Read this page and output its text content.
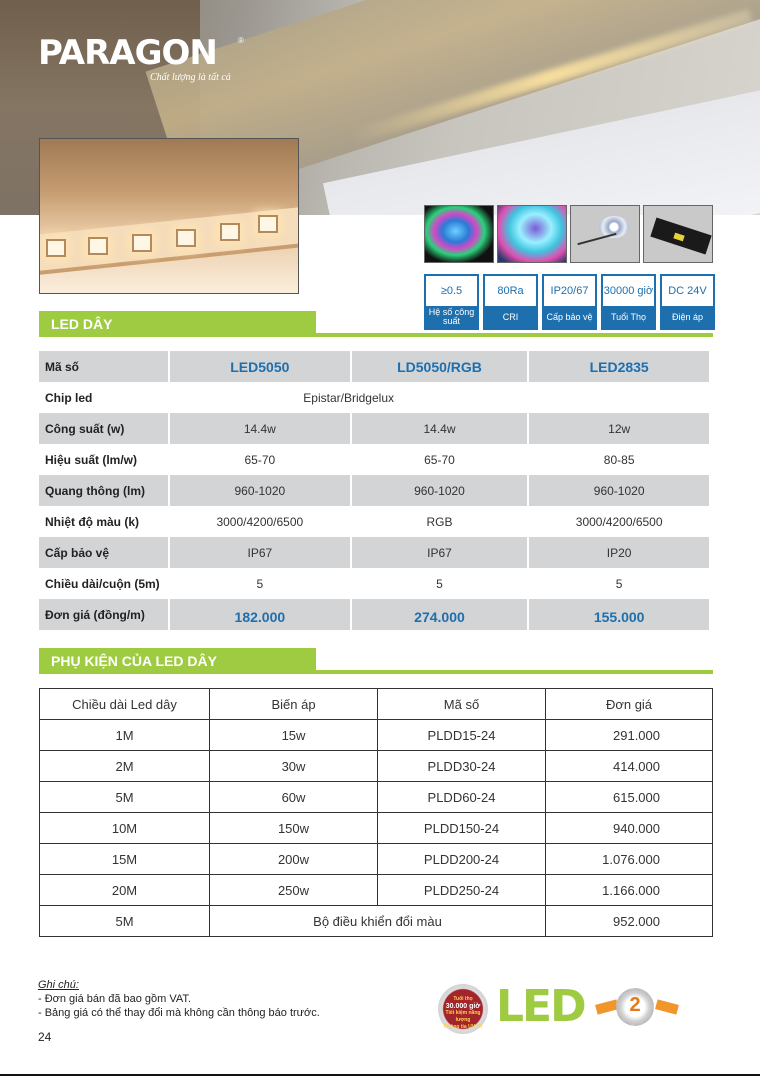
PARAGON	®
Chất lượng là tất cả
≥0.5
Hệ số công suất
80Ra
CRI
IP20/67
Cấp bảo vệ
30000 giờ
Tuổi Thọ
DC 24V
Điện áp
LED DÂY
Mã số	LED5050	LD5050/RGB	LED2835
Chip led	Epistar/Bridgelux		
Công suất (w)	14.4w	14.4w	12w
Hiệu suất (lm/w)	65-70	65-70	80-85
Quang thông (lm)	960-1020	960-1020	960-1020
Nhiệt độ màu (k)	3000/4200/6500	RGB	3000/4200/6500
Cấp bảo vệ	IP67	IP67	IP20
Chiều dài/cuộn (5m)	5	5	5
Đơn giá (đồng/m)	182.000	274.000	155.000
PHỤ KIỆN CỦA LED DÂY
Chiều dài Led dây	Biến áp	Mã số	Đơn giá
1M	15w	PLDD15-24	291.000
2M	30w	PLDD30-24	414.000
5M	60w	PLDD60-24	615.000
10M	150w	PLDD150-24	940.000
15M	200w	PLDD200-24	1.076.000
20M	250w	PLDD250-24	1.166.000
5M	Bộ điều khiển đổi màu		952.000
Ghi chú:
- Đơn giá bán đã bao gồm VAT.
- Bảng giá có thể thay đổi mà không cần thông báo trước.
24
Tuổi thọ
30.000 giờ
Tiết kiệm năng lượng
Không tia UV, IR LED	2
